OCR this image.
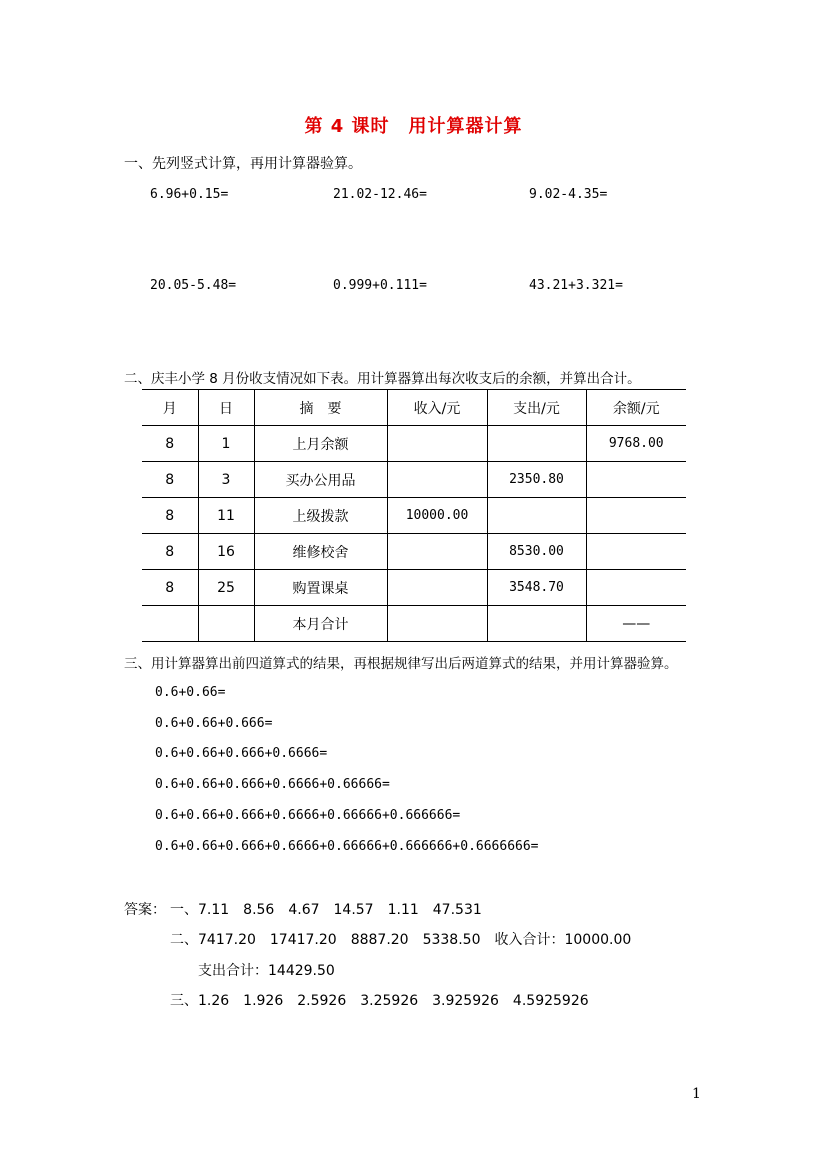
第 4 课时　用计算器计算
一、先列竖式计算，再用计算器验算。
6.96+0.15=	21.02-12.46=	9.02-4.35=
20.05-5.48=	0.999+0.111=	43.21+3.321=
二、庆丰小学 8 月份收支情况如下表。用计算器算出每次收支后的余额，并算出合计。
月	日	摘　要	收入/元	支出/元	余额/元
8	1	上月余额			9768.00
8	3	买办公用品		2350.80	
8	11	上级拨款	10000.00		
8	16	维修校舍		8530.00	
8	25	购置课桌		3548.70	
		本月合计			——
三、用计算器算出前四道算式的结果，再根据规律写出后两道算式的结果，并用计算器验算。
0.6+0.66=
0.6+0.66+0.666=
0.6+0.66+0.666+0.6666=
0.6+0.66+0.666+0.6666+0.66666=
0.6+0.66+0.666+0.6666+0.66666+0.666666=
0.6+0.66+0.666+0.6666+0.66666+0.666666+0.6666666=
答案： 一、7.11　8.56　4.67　14.57　1.11　47.531
二、7417.20　17417.20　8887.20　5338.50　收入合计：10000.00
支出合计：14429.50
三、1.26　1.926　2.5926　3.25926　3.925926　4.5925926
1
